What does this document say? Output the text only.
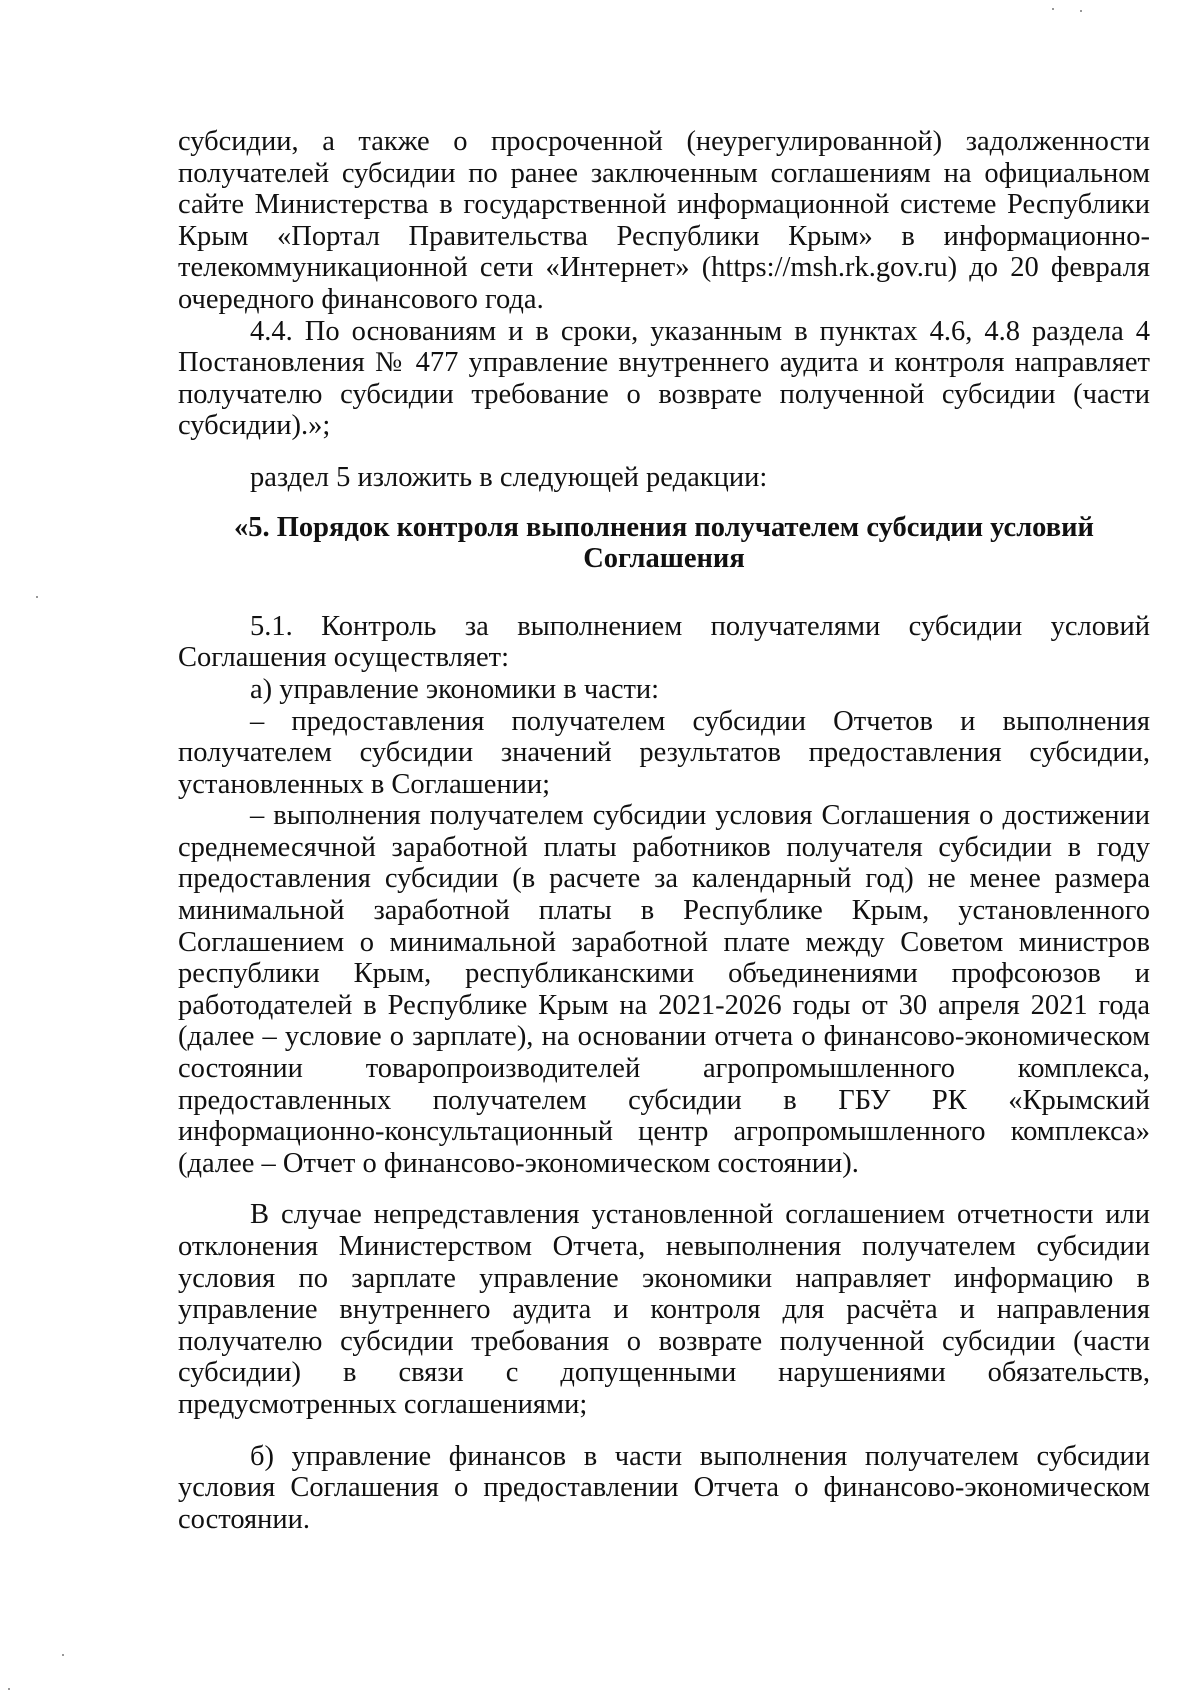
субсидии, а также о просроченной (неурегулированной) задолженности получателей субсидии по ранее заключенным соглашениям на официальном сайте Министерства в государственной информационной системе Республики Крым «Портал Правительства Республики Крым» в информационно-телекоммуникационной сети «Интернет» (https://msh.rk.gov.ru) до 20 февраля очередного финансового года.

4.4. По основаниям и в сроки, указанным в пунктах 4.6, 4.8 раздела 4 Постановления № 477 управление внутреннего аудита и контроля направляет получателю субсидии требование о возврате полученной субсидии (части субсидии).»;

раздел 5 изложить в следующей редакции:

«5. Порядок контроля выполнения получателем субсидии условий
Соглашения

5.1. Контроль за выполнением получателями субсидии условий Соглашения осуществляет:

а) управление экономики в части:

– предоставления получателем субсидии Отчетов и выполнения получателем субсидии значений результатов предоставления субсидии, установленных в Соглашении;

– выполнения получателем субсидии условия Соглашения о достижении среднемесячной заработной платы работников получателя субсидии в году предоставления субсидии (в расчете за календарный год) не менее размера минимальной заработной платы в Республике Крым, установленного Соглашением о минимальной заработной плате между Советом министров республики Крым, республиканскими объединениями профсоюзов и работодателей в Республике Крым на 2021-2026 годы от 30 апреля 2021 года (далее – условие о зарплате), на основании отчета о финансово-экономическом состоянии товаропроизводителей агропромышленного комплекса, предоставленных получателем субсидии в ГБУ РК «Крымский информационно-консультационный центр агропромышленного комплекса» (далее – Отчет о финансово-экономическом состоянии).

В случае непредставления установленной соглашением отчетности или отклонения Министерством Отчета, невыполнения получателем субсидии условия по зарплате управление экономики направляет информацию в управление внутреннего аудита и контроля для расчёта и направления получателю субсидии требования о возврате полученной субсидии (части субсидии) в связи с допущенными нарушениями обязательств, предусмотренных соглашениями;

б) управление финансов в части выполнения получателем субсидии условия Соглашения о предоставлении Отчета о финансово-экономическом состоянии.
